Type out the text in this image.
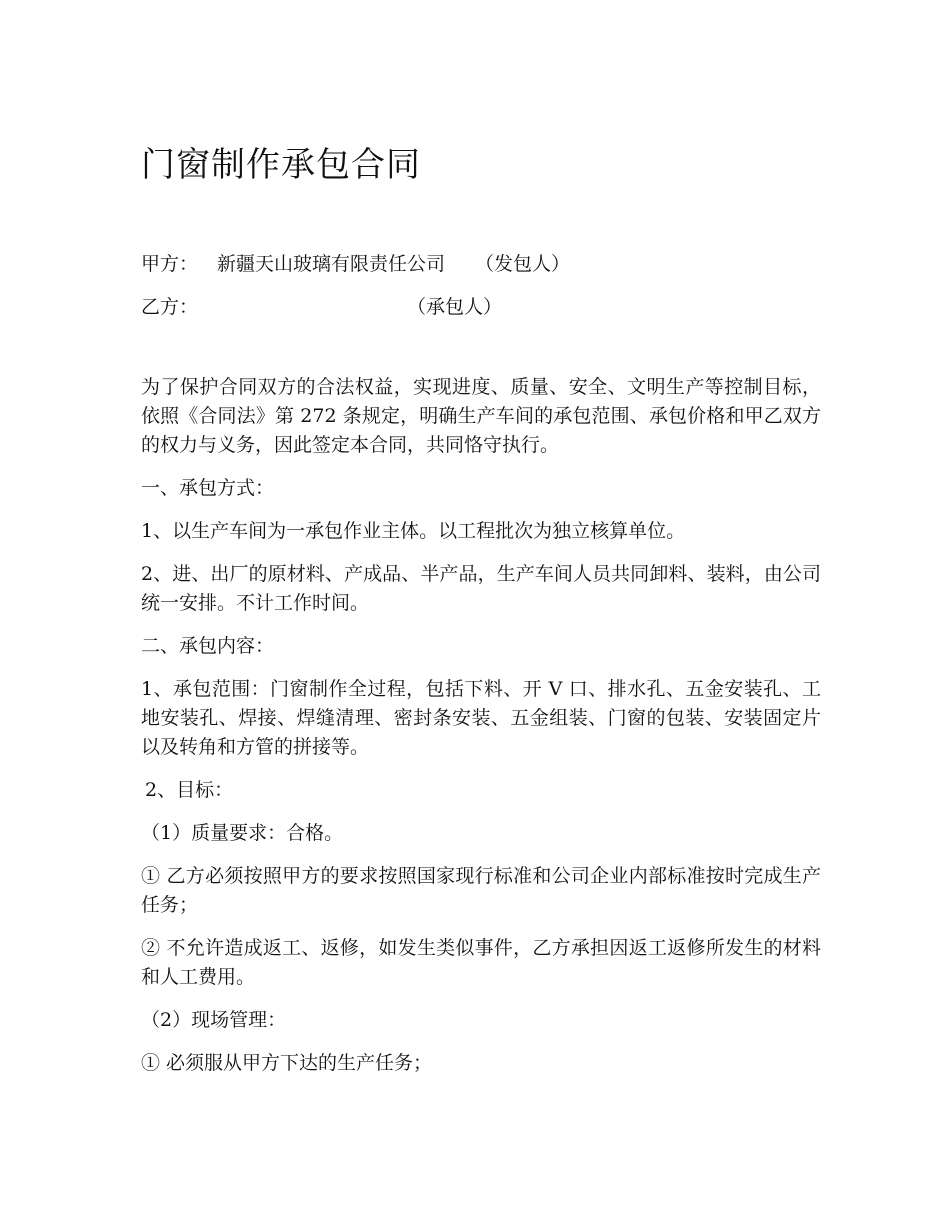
门窗制作承包合同
甲方： 新疆天山玻璃有限责任公司 （发包人）
乙方：	（承包人）

为了保护合同双方的合法权益，实现进度、质量、安全、文明生产等控制目标，依照《合同法》第 272 条规定，明确生产车间的承包范围、承包价格和甲乙双方的权力与义务，因此签定本合同，共同恪守执行。

一、承包方式：

1、以生产车间为一承包作业主体。以工程批次为独立核算单位。

2、进、出厂的原材料、产成品、半产品，生产车间人员共同卸料、装料，由公司统一安排。不计工作时间。

二、承包内容：

1、承包范围：门窗制作全过程，包括下料、开 V 口、排水孔、五金安装孔、工地安装孔、焊接、焊缝清理、密封条安装、五金组装、门窗的包装、安装固定片以及转角和方管的拼接等。

2、目标：

（1）质量要求：合格。

① 乙方必须按照甲方的要求按照国家现行标准和公司企业内部标准按时完成生产任务；

② 不允许造成返工、返修，如发生类似事件，乙方承担因返工返修所发生的材料和人工费用。

（2）现场管理：

① 必须服从甲方下达的生产任务；
